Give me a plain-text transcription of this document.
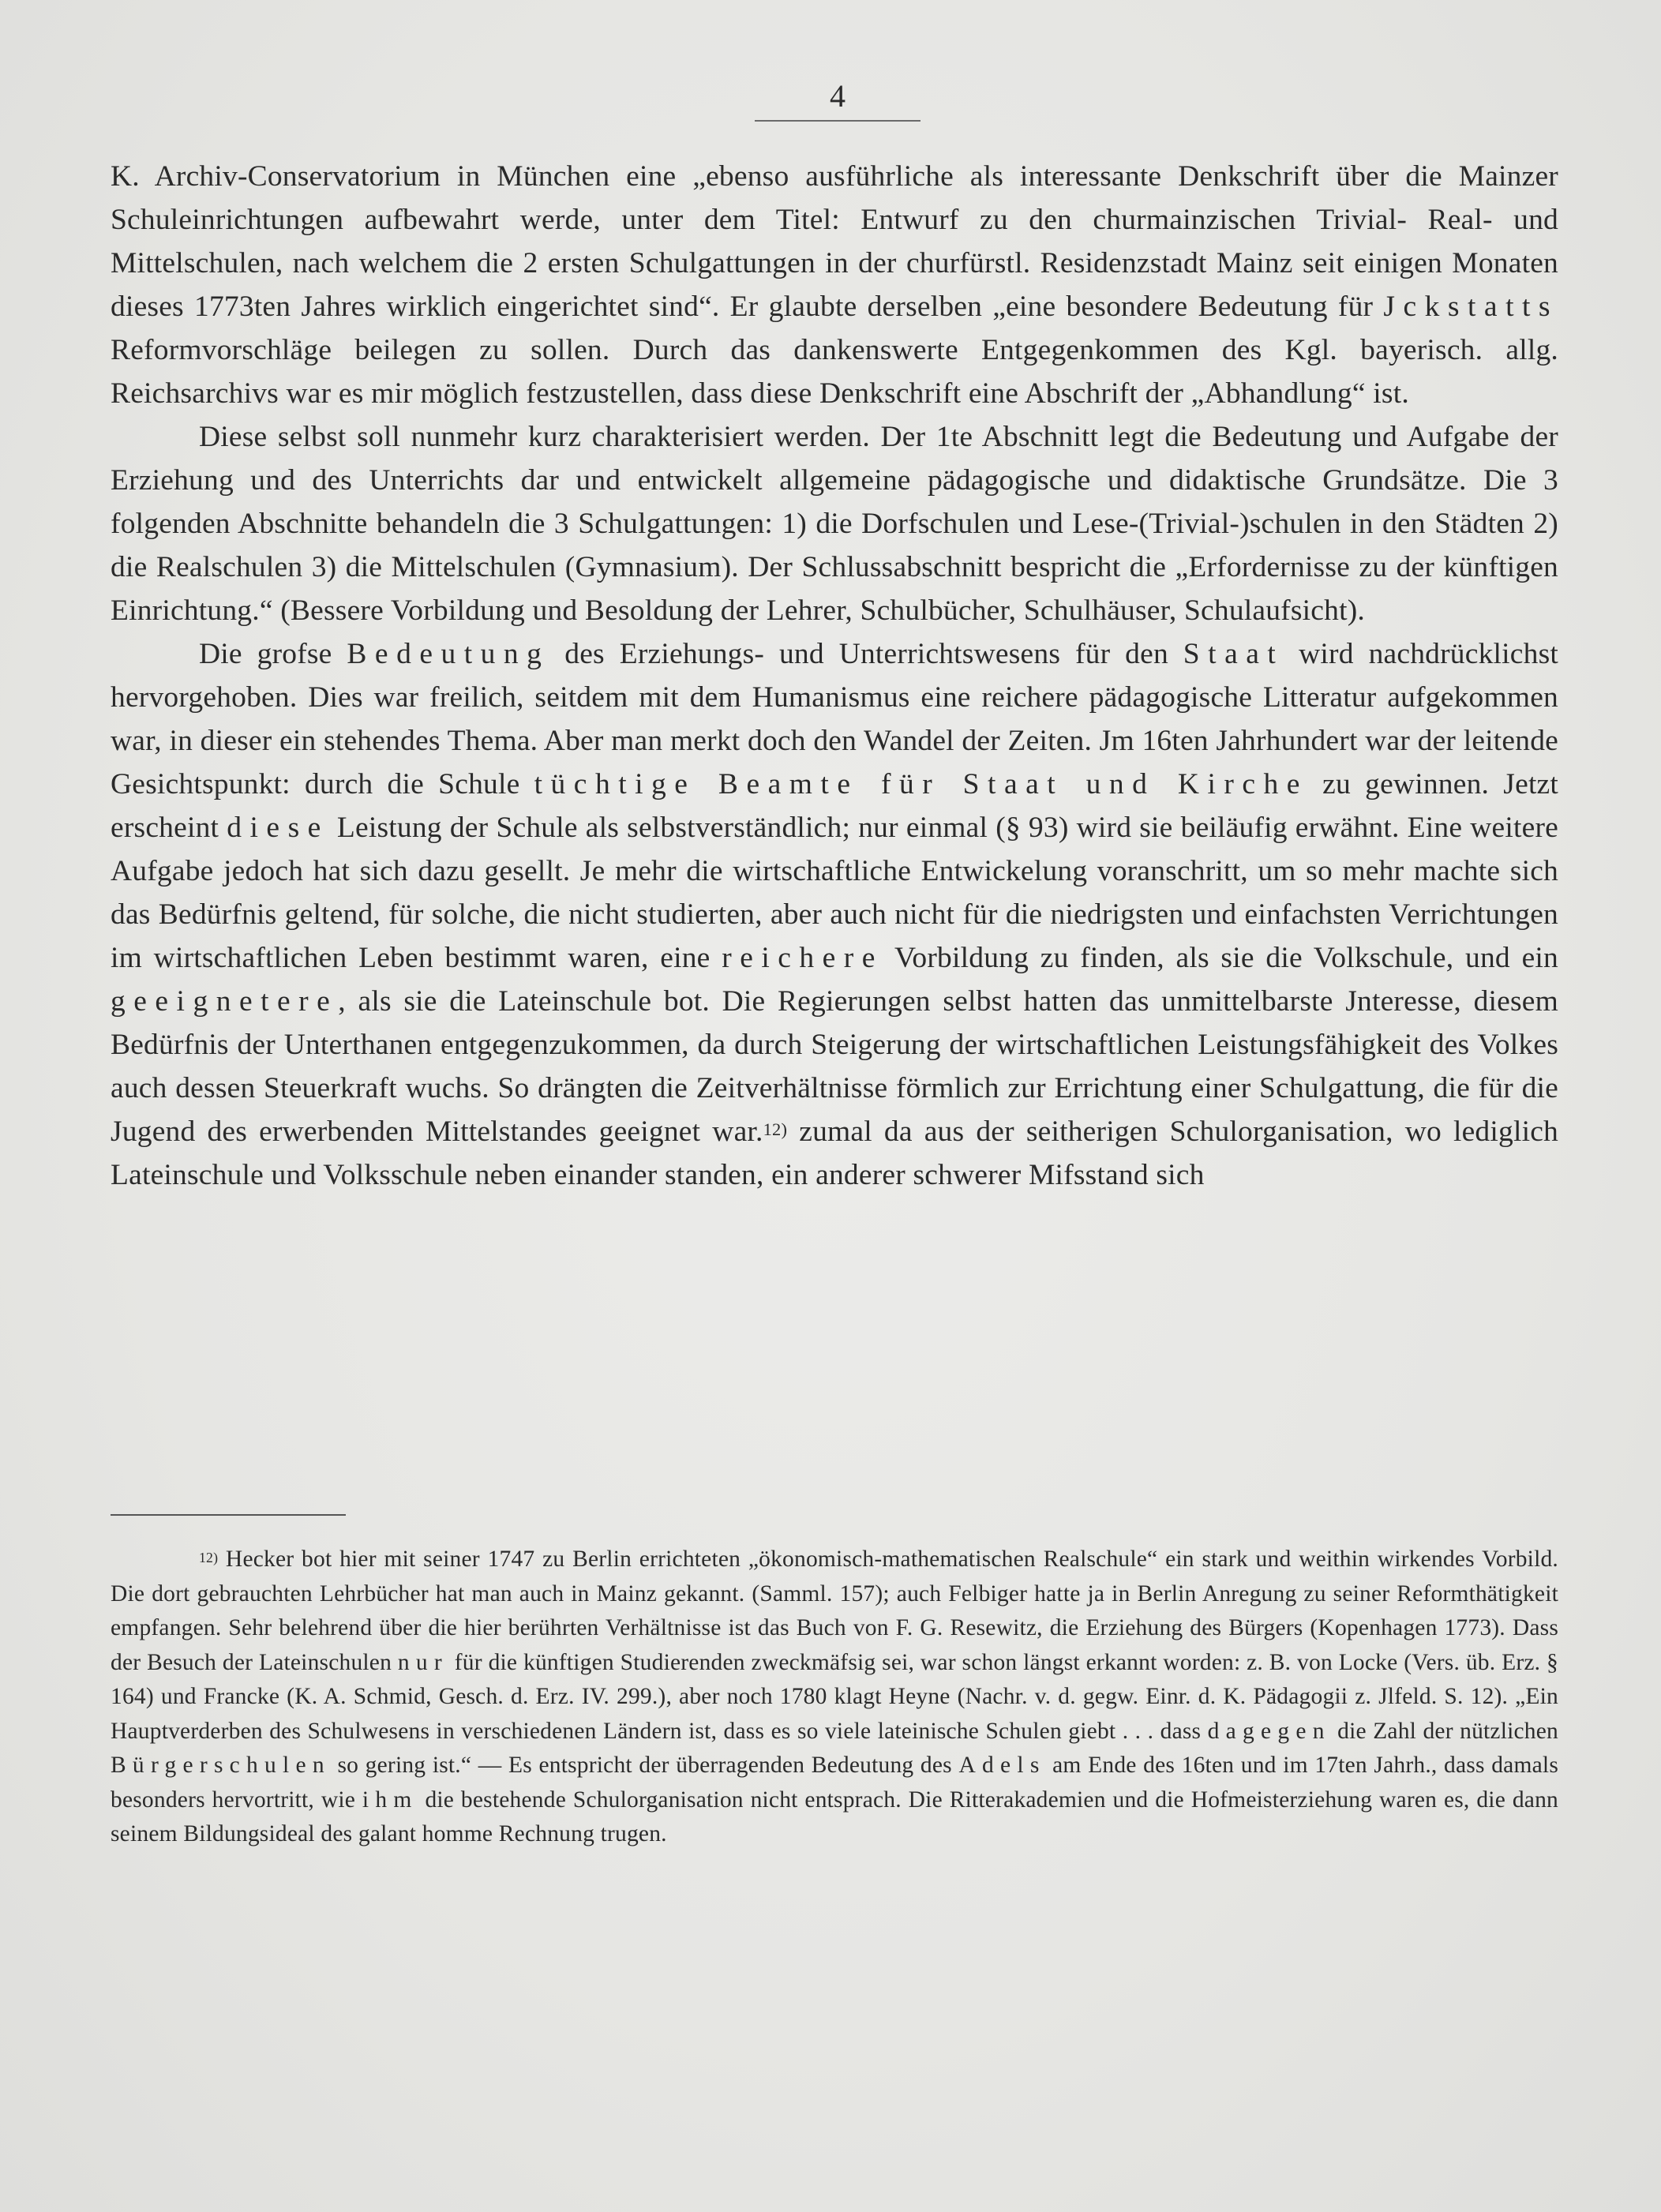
4

K. Archiv-Conservatorium in München eine „ebenso ausführliche als interessante Denkschrift über die Mainzer Schuleinrichtungen aufbewahrt werde, unter dem Titel: Entwurf zu den churmainzischen Trivial- Real- und Mittelschulen, nach welchem die 2 ersten Schulgattungen in der churfürstl. Residenzstadt Mainz seit einigen Monaten dieses 1773ten Jahres wirklich eingerichtet sind“. Er glaubte derselben „eine besondere Bedeutung für Jckstatts Reformvorschläge beilegen zu sollen. Durch das dankenswerte Entgegenkommen des Kgl. bayerisch. allg. Reichsarchivs war es mir möglich festzustellen, dass diese Denkschrift eine Abschrift der „Abhandlung“ ist.

Diese selbst soll nunmehr kurz charakterisiert werden. Der 1te Abschnitt legt die Bedeutung und Aufgabe der Erziehung und des Unterrichts dar und entwickelt allgemeine pädagogische und didaktische Grundsätze. Die 3 folgenden Abschnitte behandeln die 3 Schulgattungen: 1) die Dorfschulen und Lese-(Trivial-)schulen in den Städten 2) die Realschulen 3) die Mittelschulen (Gymnasium). Der Schlussabschnitt bespricht die „Erfordernisse zu der künftigen Einrichtung.“ (Bessere Vorbildung und Besoldung der Lehrer, Schulbücher, Schulhäuser, Schulaufsicht).

Die grofse Bedeutung des Erziehungs- und Unterrichtswesens für den Staat wird nachdrücklichst hervorgehoben. Dies war freilich, seitdem mit dem Humanismus eine reichere pädagogische Litteratur aufgekommen war, in dieser ein stehendes Thema. Aber man merkt doch den Wandel der Zeiten. Jm 16ten Jahrhundert war der leitende Gesichtspunkt: durch die Schule tüchtige Beamte für Staat und Kirche zu gewinnen. Jetzt erscheint diese Leistung der Schule als selbstverständlich; nur einmal (§ 93) wird sie beiläufig erwähnt. Eine weitere Aufgabe jedoch hat sich dazu gesellt. Je mehr die wirtschaftliche Entwickelung voranschritt, um so mehr machte sich das Bedürfnis geltend, für solche, die nicht studierten, aber auch nicht für die niedrigsten und einfachsten Verrichtungen im wirtschaftlichen Leben bestimmt waren, eine reichere Vorbildung zu finden, als sie die Volkschule, und ein geeignetere, als sie die Lateinschule bot. Die Regierungen selbst hatten das unmittelbarste Jnteresse, diesem Bedürfnis der Unterthanen entgegenzukommen, da durch Steigerung der wirtschaftlichen Leistungsfähigkeit des Volkes auch dessen Steuerkraft wuchs. So drängten die Zeitverhältnisse förmlich zur Errichtung einer Schulgattung, die für die Jugend des erwerbenden Mittelstandes geeignet war.$^{12)}$ zumal da aus der seitherigen Schulorganisation, wo lediglich Lateinschule und Volksschule neben einander standen, ein anderer schwerer Mifsstand sich

$^{12)}$ Hecker bot hier mit seiner 1747 zu Berlin errichteten „ökonomisch-mathematischen Realschule“ ein stark und weithin wirkendes Vorbild. Die dort gebrauchten Lehrbücher hat man auch in Mainz gekannt. (Samml. 157); auch Felbiger hatte ja in Berlin Anregung zu seiner Reformthätigkeit empfangen. Sehr belehrend über die hier berührten Verhältnisse ist das Buch von F. G. Resewitz, die Erziehung des Bürgers (Kopenhagen 1773). Dass der Besuch der Lateinschulen nur für die künftigen Studierenden zweckmäfsig sei, war schon längst erkannt worden: z. B. von Locke (Vers. üb. Erz. § 164) und Francke (K. A. Schmid, Gesch. d. Erz. IV. 299.), aber noch 1780 klagt Heyne (Nachr. v. d. gegw. Einr. d. K. Pädagogii z. Jlfeld. S. 12). „Ein Hauptverderben des Schulwesens in verschiedenen Ländern ist, dass es so viele lateinische Schulen giebt . . . dass dagegen die Zahl der nützlichen Bürgerschulen so gering ist.“ — Es entspricht der überragenden Bedeutung des Adels am Ende des 16ten und im 17ten Jahrh., dass damals besonders hervortritt, wie ihm die bestehende Schulorganisation nicht entsprach. Die Ritterakademien und die Hofmeisterziehung waren es, die dann seinem Bildungsideal des galant homme Rechnung trugen.
